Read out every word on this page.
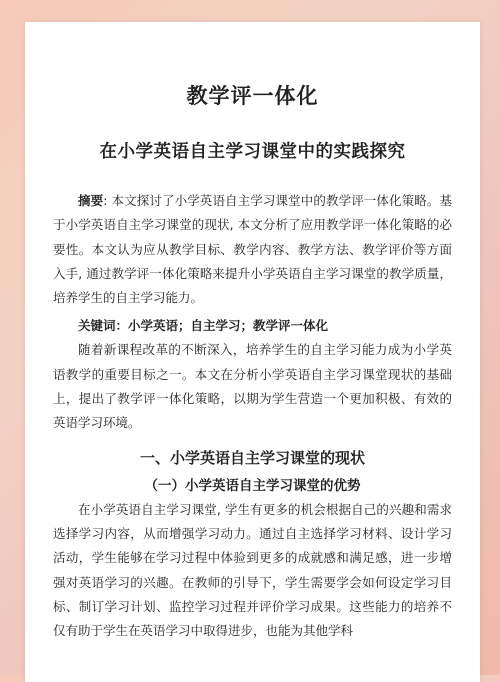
教学评一体化
在小学英语自主学习课堂中的实践探究

摘要: 本文探讨了小学英语自主学习课堂中的教学评一体化策略。基于小学英语自主学习课堂的现状, 本文分析了应用教学评一体化策略的必要性。本文认为应从教学目标、教学内容、教学方法、教学评价等方面入手, 通过教学评一体化策略来提升小学英语自主学习课堂的教学质量，培养学生的自主学习能力。

关键词：小学英语；自主学习；教学评一体化

随着新课程改革的不断深入，培养学生的自主学习能力成为小学英语教学的重要目标之一。本文在分析小学英语自主学习课堂现状的基础上，提出了教学评一体化策略，以期为学生营造一个更加积极、有效的英语学习环境。

一、小学英语自主学习课堂的现状
（一）小学英语自主学习课堂的优势

在小学英语自主学习课堂, 学生有更多的机会根据自己的兴趣和需求选择学习内容，从而增强学习动力。通过自主选择学习材料、设计学习活动，学生能够在学习过程中体验到更多的成就感和满足感，进一步增强对英语学习的兴趣。在教师的引导下，学生需要学会如何设定学习目标、制订学习计划、监控学习过程并评价学习成果。这些能力的培养不仅有助于学生在英语学习中取得进步，也能为其他学科
